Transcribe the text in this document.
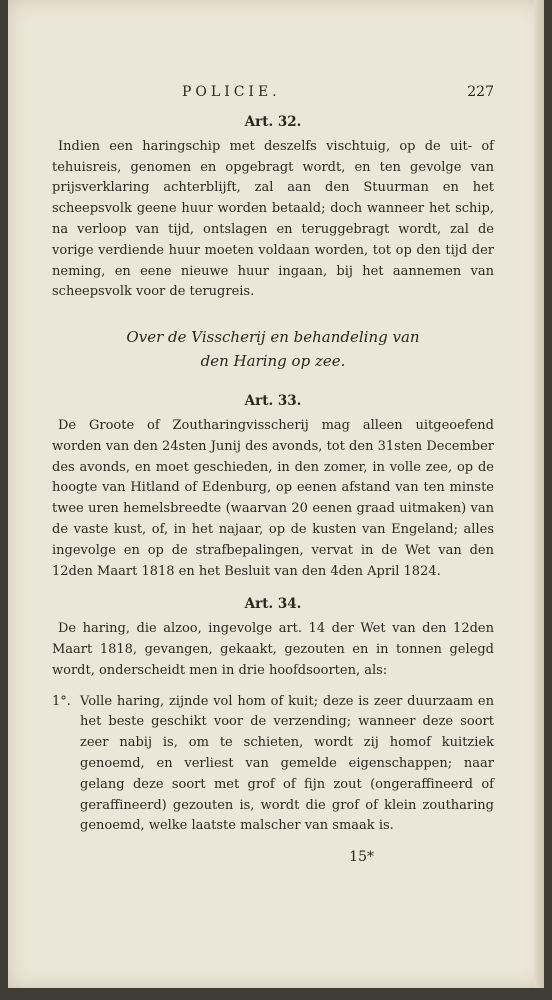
POLICIE.	227
Art. 32.

Indien een haringschip met deszelfs vischtuig, op de uit- of tehuisreis, genomen en opgebragt wordt, en ten gevolge van prijsverklaring achterblijft, zal aan den Stuurman en het scheepsvolk geene huur worden betaald; doch wanneer het schip, na verloop van tijd, ontslagen en teruggebragt wordt, zal de vorige verdiende huur moeten voldaan worden, tot op den tijd der neming, en eene nieuwe huur ingaan, bij het aannemen van scheepsvolk voor de terugreis.

Over de Visscherij en behandeling van
den Haring op zee.
Art. 33.

De Groote of Zoutharingvisscherij mag alleen uitgeoefend worden van den 24sten Junij des avonds, tot den 31sten December des avonds, en moet geschieden, in den zomer, in volle zee, op de hoogte van Hitland of Edenburg, op eenen afstand van ten minste twee uren hemelsbreedte (waarvan 20 eenen graad uitmaken) van de vaste kust, of, in het najaar, op de kusten van Engeland; alles ingevolge en op de strafbepalingen, vervat in de Wet van den 12den Maart 1818 en het Besluit van den 4den April 1824.

Art. 34.

De haring, die alzoo, ingevolge art. 14 der Wet van den 12den Maart 1818, gevangen, gekaakt, gezouten en in tonnen gelegd wordt, onderscheidt men in drie hoofdsoorten, als:

1°. Volle haring, zijnde vol hom of kuit; deze is zeer duurzaam en het beste geschikt voor de verzending; wanneer deze soort zeer nabij is, om te schieten, wordt zij homof kuitziek genoemd, en verliest van gemelde eigenschappen; naar gelang deze soort met grof of fijn zout (ongeraffineerd of geraffineerd) gezouten is, wordt die grof of klein zoutharing genoemd, welke laatste malscher van smaak is.

15*
